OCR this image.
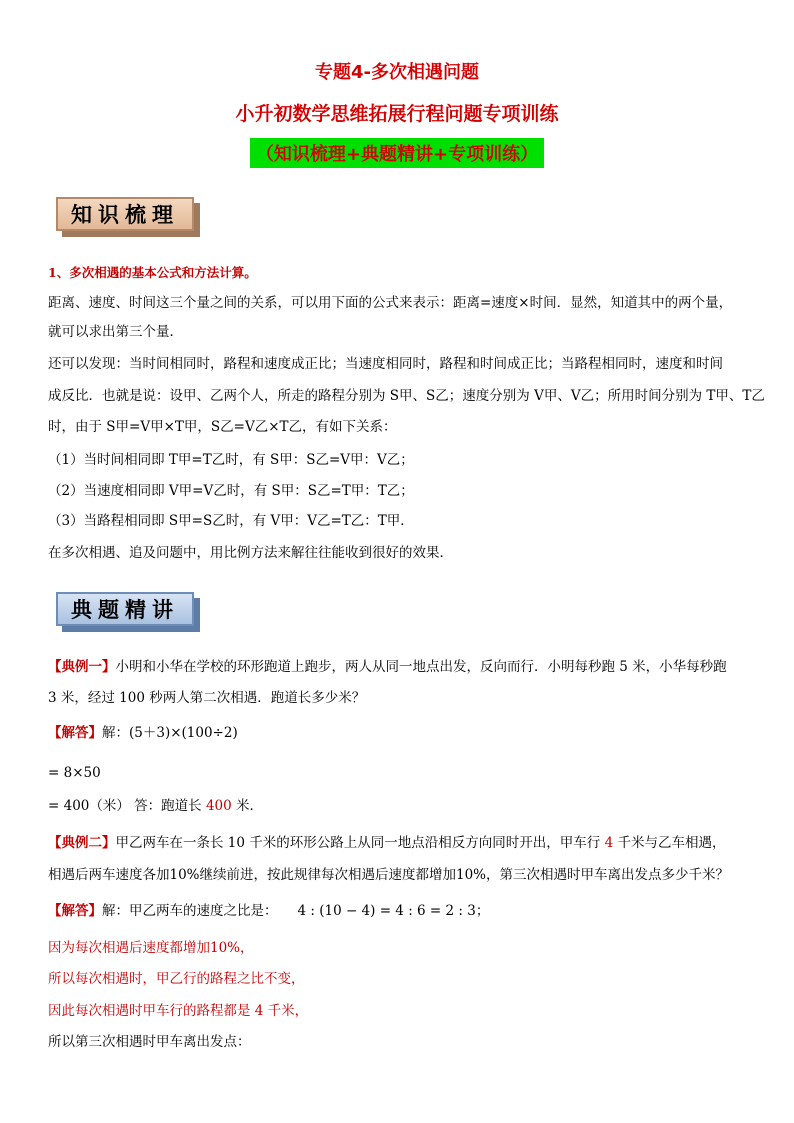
专题4-多次相遇问题
小升初数学思维拓展行程问题专项训练
（知识梳理+典题精讲+专项训练）
知识梳理
1、多次相遇的基本公式和方法计算。
距离、速度、时间这三个量之间的关系，可以用下面的公式来表示：距离=速度×时间．显然，知道其中的两个量，
就可以求出第三个量．
还可以发现：当时间相同时，路程和速度成正比；当速度相同时，路程和时间成正比；当路程相同时，速度和时间
成反比．也就是说：设甲、乙两个人，所走的路程分别为 S甲、S乙；速度分别为 V甲、V乙；所用时间分别为 T甲、T乙
时，由于 S甲=V甲×T甲，S乙=V乙×T乙，有如下关系：
（1）当时间相同即 T甲=T乙时，有 S甲：S乙=V甲：V乙；
（2）当速度相同即 V甲=V乙时，有 S甲：S乙=T甲：T乙；
（3）当路程相同即 S甲=S乙时，有 V甲：V乙=T乙：T甲．
在多次相遇、追及问题中，用比例方法来解往往能收到很好的效果．
典题精讲
【典例一】小明和小华在学校的环形跑道上跑步，两人从同一地点出发，反向而行．小明每秒跑 5 米，小华每秒跑
3 米，经过 100 秒两人第二次相遇．跑道长多少米？
【解答】解：(5＋3)×(100÷2)
= 8×50
= 400（米） 答：跑道长 400 米．
【典例二】甲乙两车在一条长 10 千米的环形公路上从同一地点沿相反方向同时开出，甲车行 4 千米与乙车相遇，
相遇后两车速度各加10%继续前进，按此规律每次相遇后速度都增加10%，第三次相遇时甲车离出发点多少千米？
【解答】解：甲乙两车的速度之比是： 4 : (10 − 4) = 4 : 6 = 2 : 3；
因为每次相遇后速度都增加10%，
所以每次相遇时，甲乙行的路程之比不变，
因此每次相遇时甲车行的路程都是 4 千米，
所以第三次相遇时甲车离出发点：
